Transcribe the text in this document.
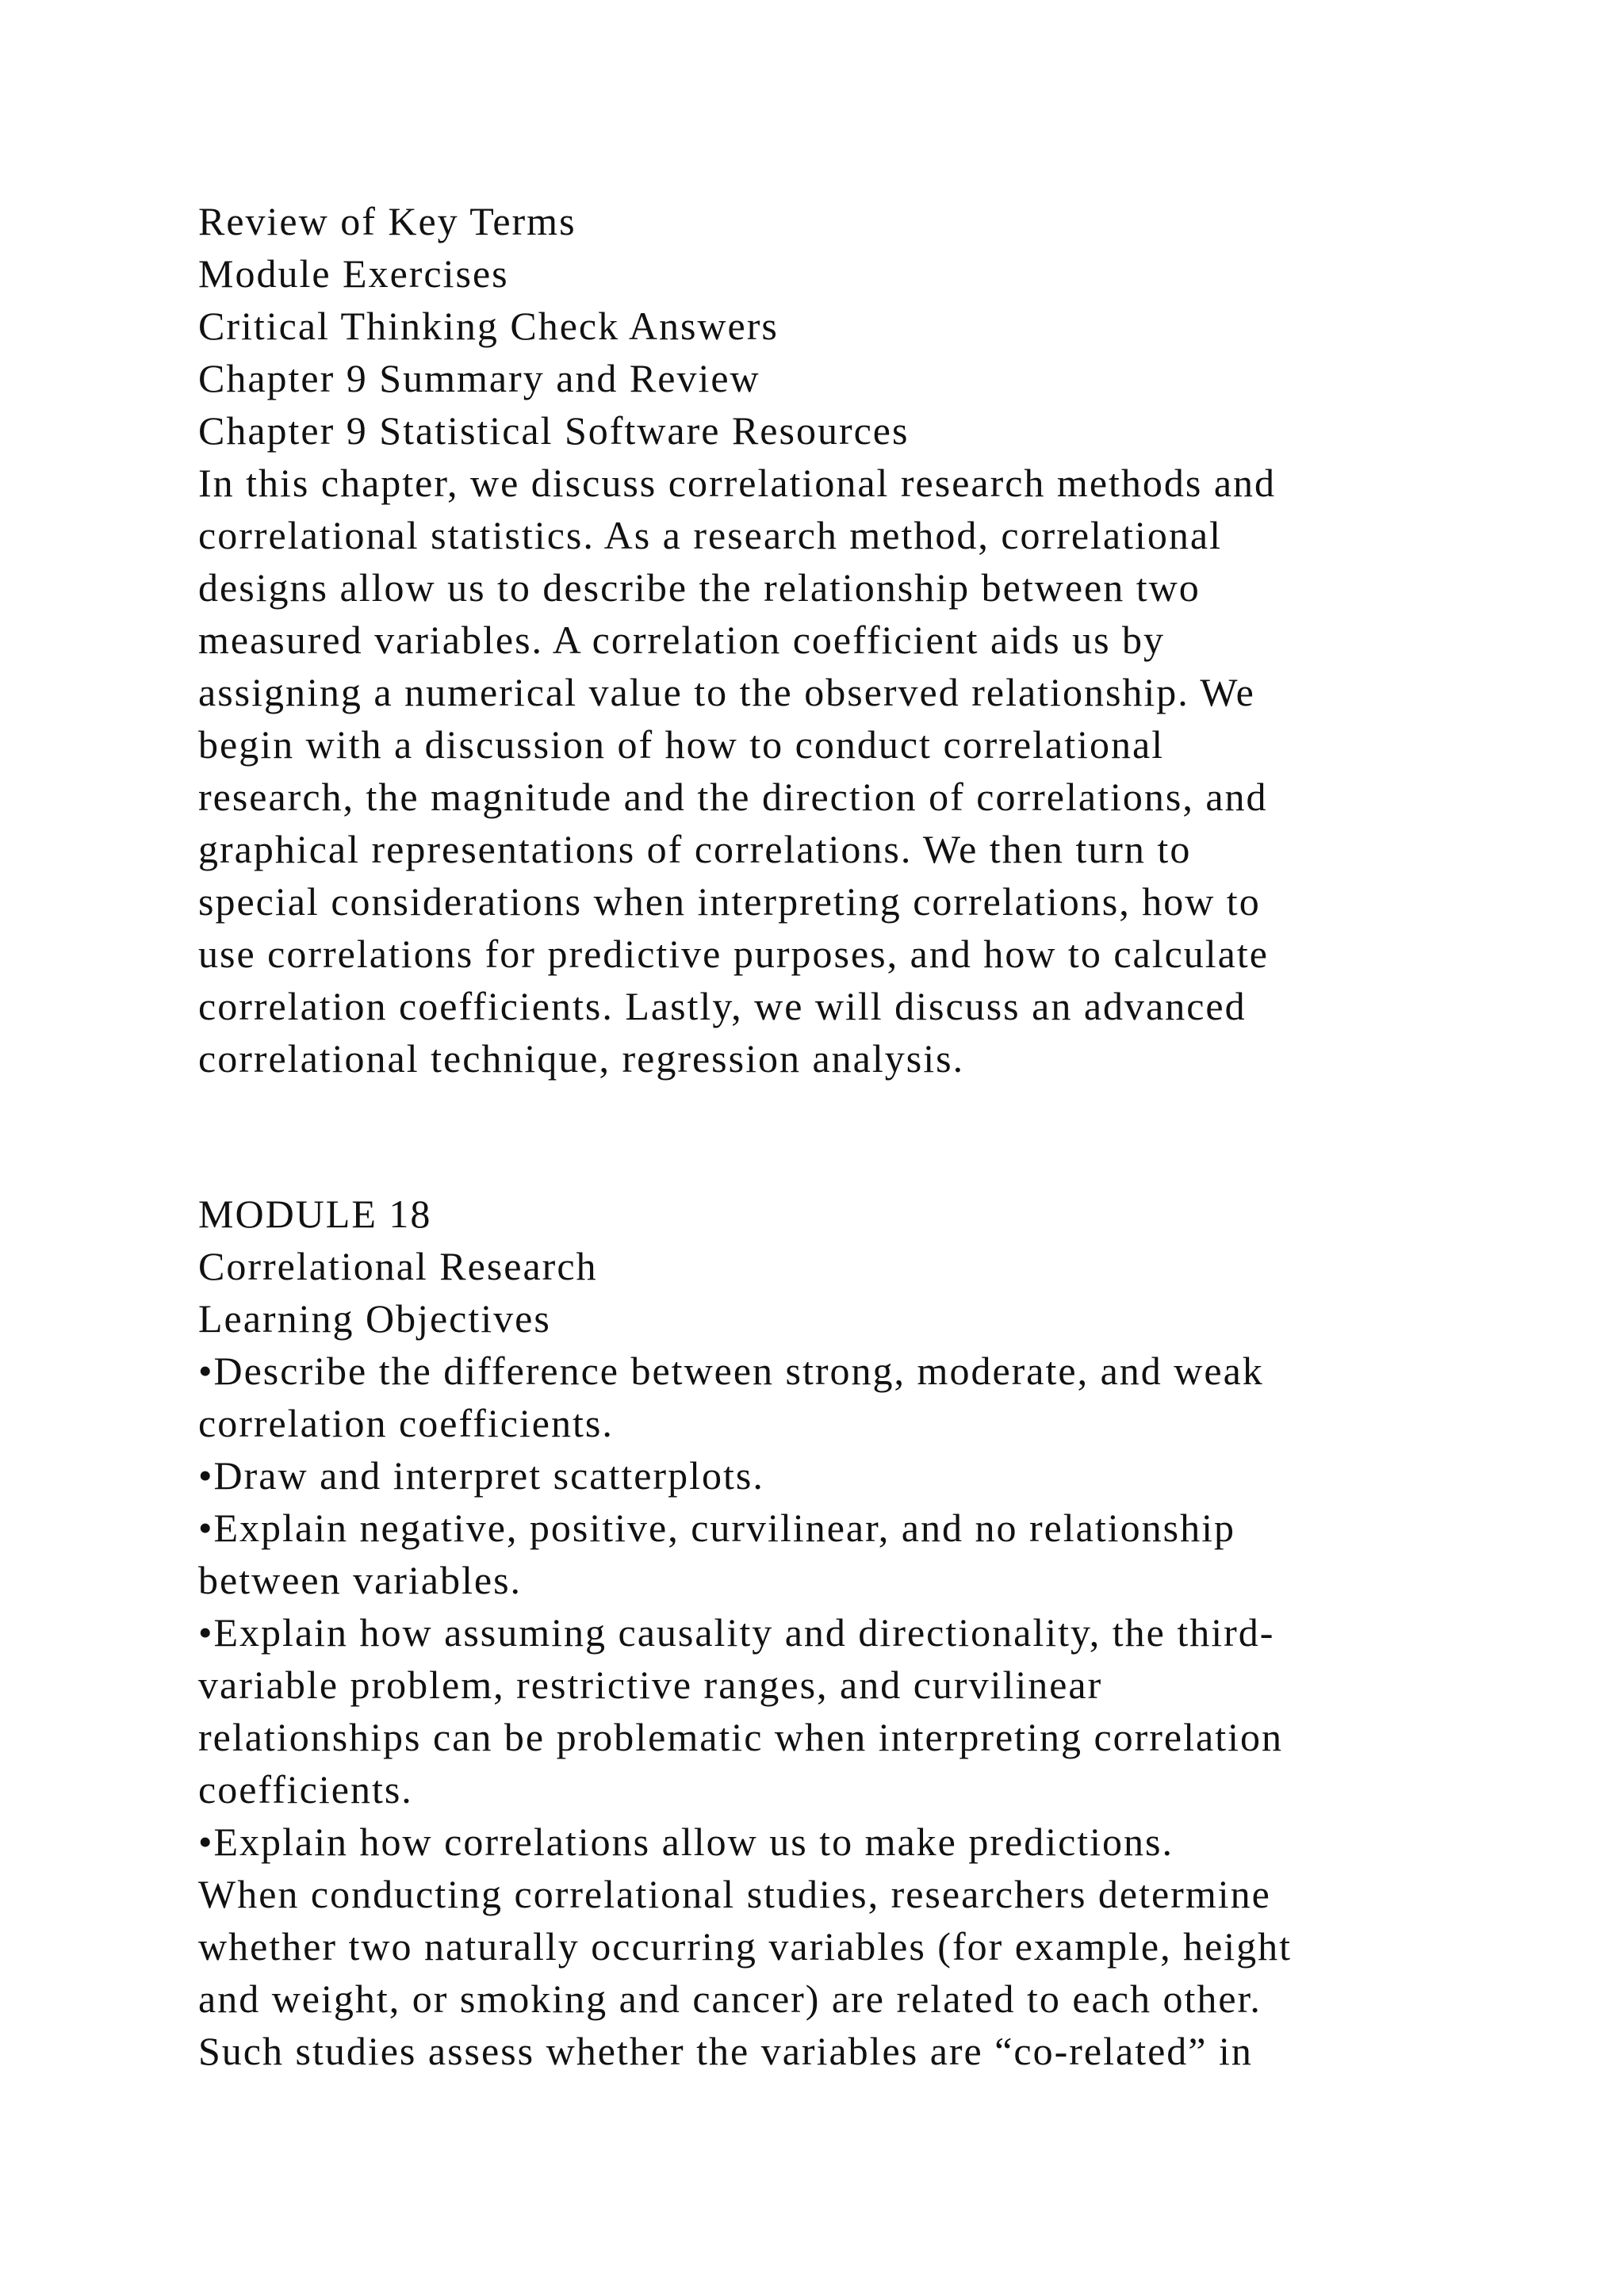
Review of Key Terms
Module Exercises
Critical Thinking Check Answers
Chapter 9 Summary and Review
Chapter 9 Statistical Software Resources
In this chapter, we discuss correlational research methods and
correlational statistics. As a research method, correlational
designs allow us to describe the relationship between two
measured variables. A correlation coefficient aids us by
assigning a numerical value to the observed relationship. We
begin with a discussion of how to conduct correlational
research, the magnitude and the direction of correlations, and
graphical representations of correlations. We then turn to
special considerations when interpreting correlations, how to
use correlations for predictive purposes, and how to calculate
correlation coefficients. Lastly, we will discuss an advanced
correlational technique, regression analysis.
MODULE 18
Correlational Research
Learning Objectives
•Describe the difference between strong, moderate, and weak
correlation coefficients.
•Draw and interpret scatterplots.
•Explain negative, positive, curvilinear, and no relationship
between variables.
•Explain how assuming causality and directionality, the third-
variable problem, restrictive ranges, and curvilinear
relationships can be problematic when interpreting correlation
coefficients.
•Explain how correlations allow us to make predictions.
When conducting correlational studies, researchers determine
whether two naturally occurring variables (for example, height
and weight, or smoking and cancer) are related to each other.
Such studies assess whether the variables are “co-related” in
